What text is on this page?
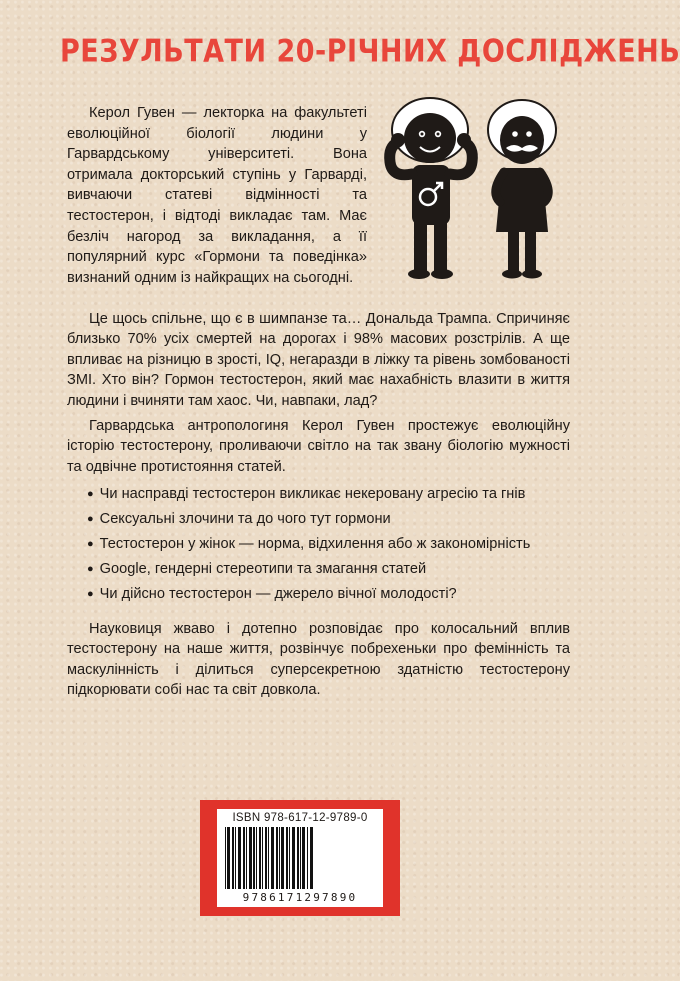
РЕЗУЛЬТАТИ 20-РІЧНИХ ДОСЛІДЖЕНЬ

Керол Гувен — лекторка на факультеті еволюційної біології людини у Гарвардському університеті. Вона отримала докторський ступінь у Гарварді, вивчаючи статеві відмінності та тестостерон, і відтоді викладає там. Має безліч нагород за викладання, а її популярний курс «Гормони та поведінка» визнаний одним із найкращих на сьогодні.

Це щось спільне, що є в шимпанзе та… Дональда Трампа. Спричиняє близько 70% усіх смертей на дорогах і 98% масових розстрілів. А ще впливає на різницю в зрості, IQ, негаразди в ліжку та рівень зомбованості ЗМІ. Хто він? Гормон тестостерон, який має нахабність влазити в життя людини і вчиняти там хаос. Чи, навпаки, лад?

Гарвардська антропологиня Керол Гувен простежує еволюційну історію тестостерону, проливаючи світло на так звану біологію мужності та одвічне протистояння статей.

● Чи насправді тестостерон викликає некеровану агресію та гнів
● Сексуальні злочини та до чого тут гормони
● Тестостерон у жінок — норма, відхилення або ж закономірність
● Google, гендерні стереотипи та змагання статей
● Чи дійсно тестостерон — джерело вічної молодості?

Науковиця жваво і дотепно розповідає про колосальний вплив тестостерону на наше життя, розвінчує побрехеньки про фемінність та маскулінність і ділиться суперсекретною здатністю тестостерону підкорювати собі нас та світ довкола.

ISBN 978-617-12-9789-0
9786171297890
